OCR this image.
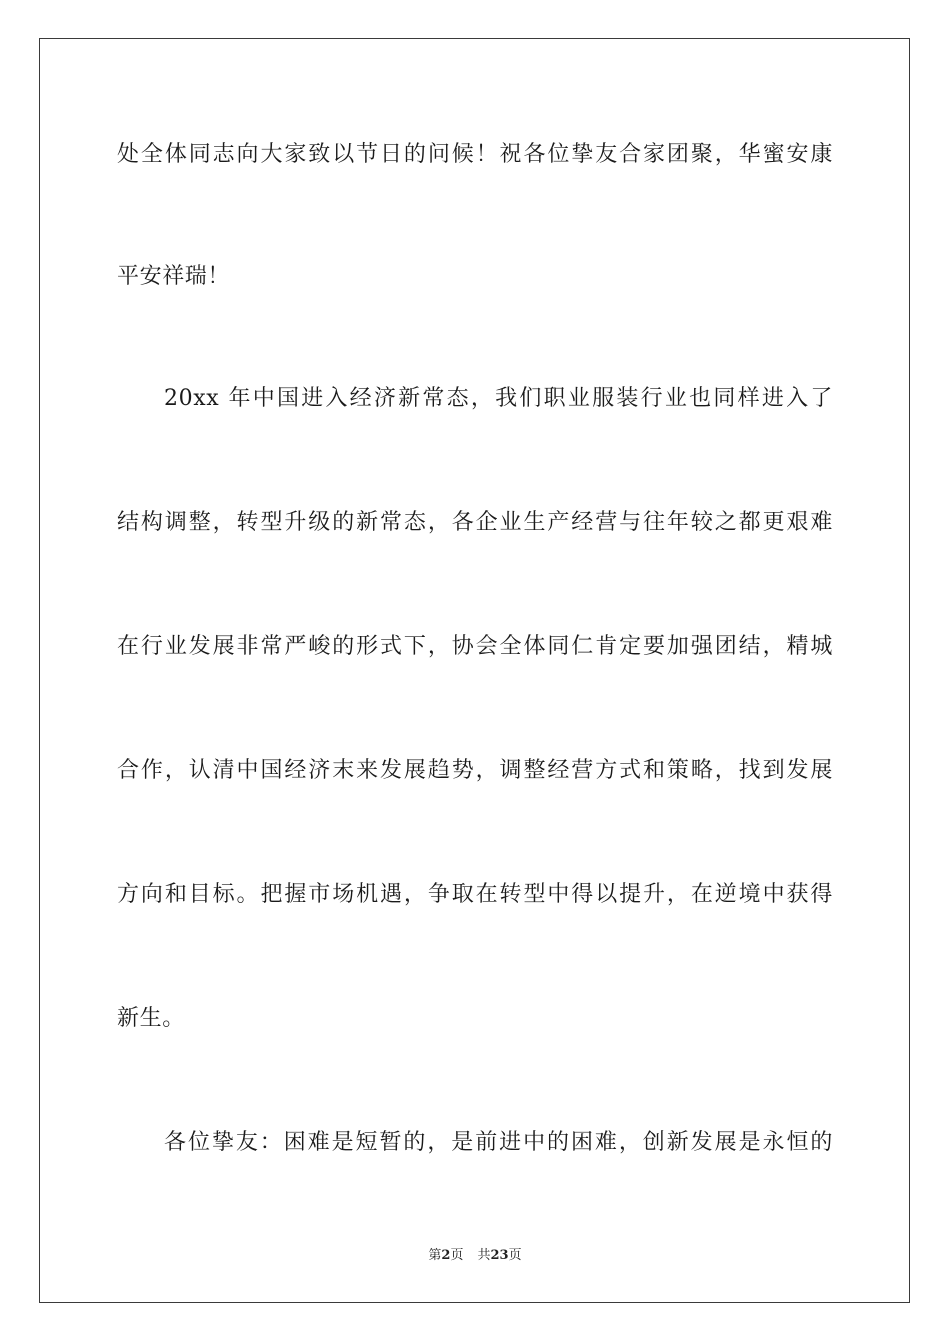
处全体同志向大家致以节日的问候！祝各位挚友合家团聚，华蜜安康
平安祥瑞！
20xx 年中国进入经济新常态，我们职业服装行业也同样进入了
结构调整，转型升级的新常态，各企业生产经营与往年较之都更艰难
在行业发展非常严峻的形式下，协会全体同仁肯定要加强团结，精城
合作，认清中国经济末来发展趋势，调整经营方式和策略，找到发展
方向和目标。把握市场机遇，争取在转型中得以提升，在逆境中获得
新生。
各位挚友：困难是短暂的，是前进中的困难，创新发展是永恒的
第2页 共23页
